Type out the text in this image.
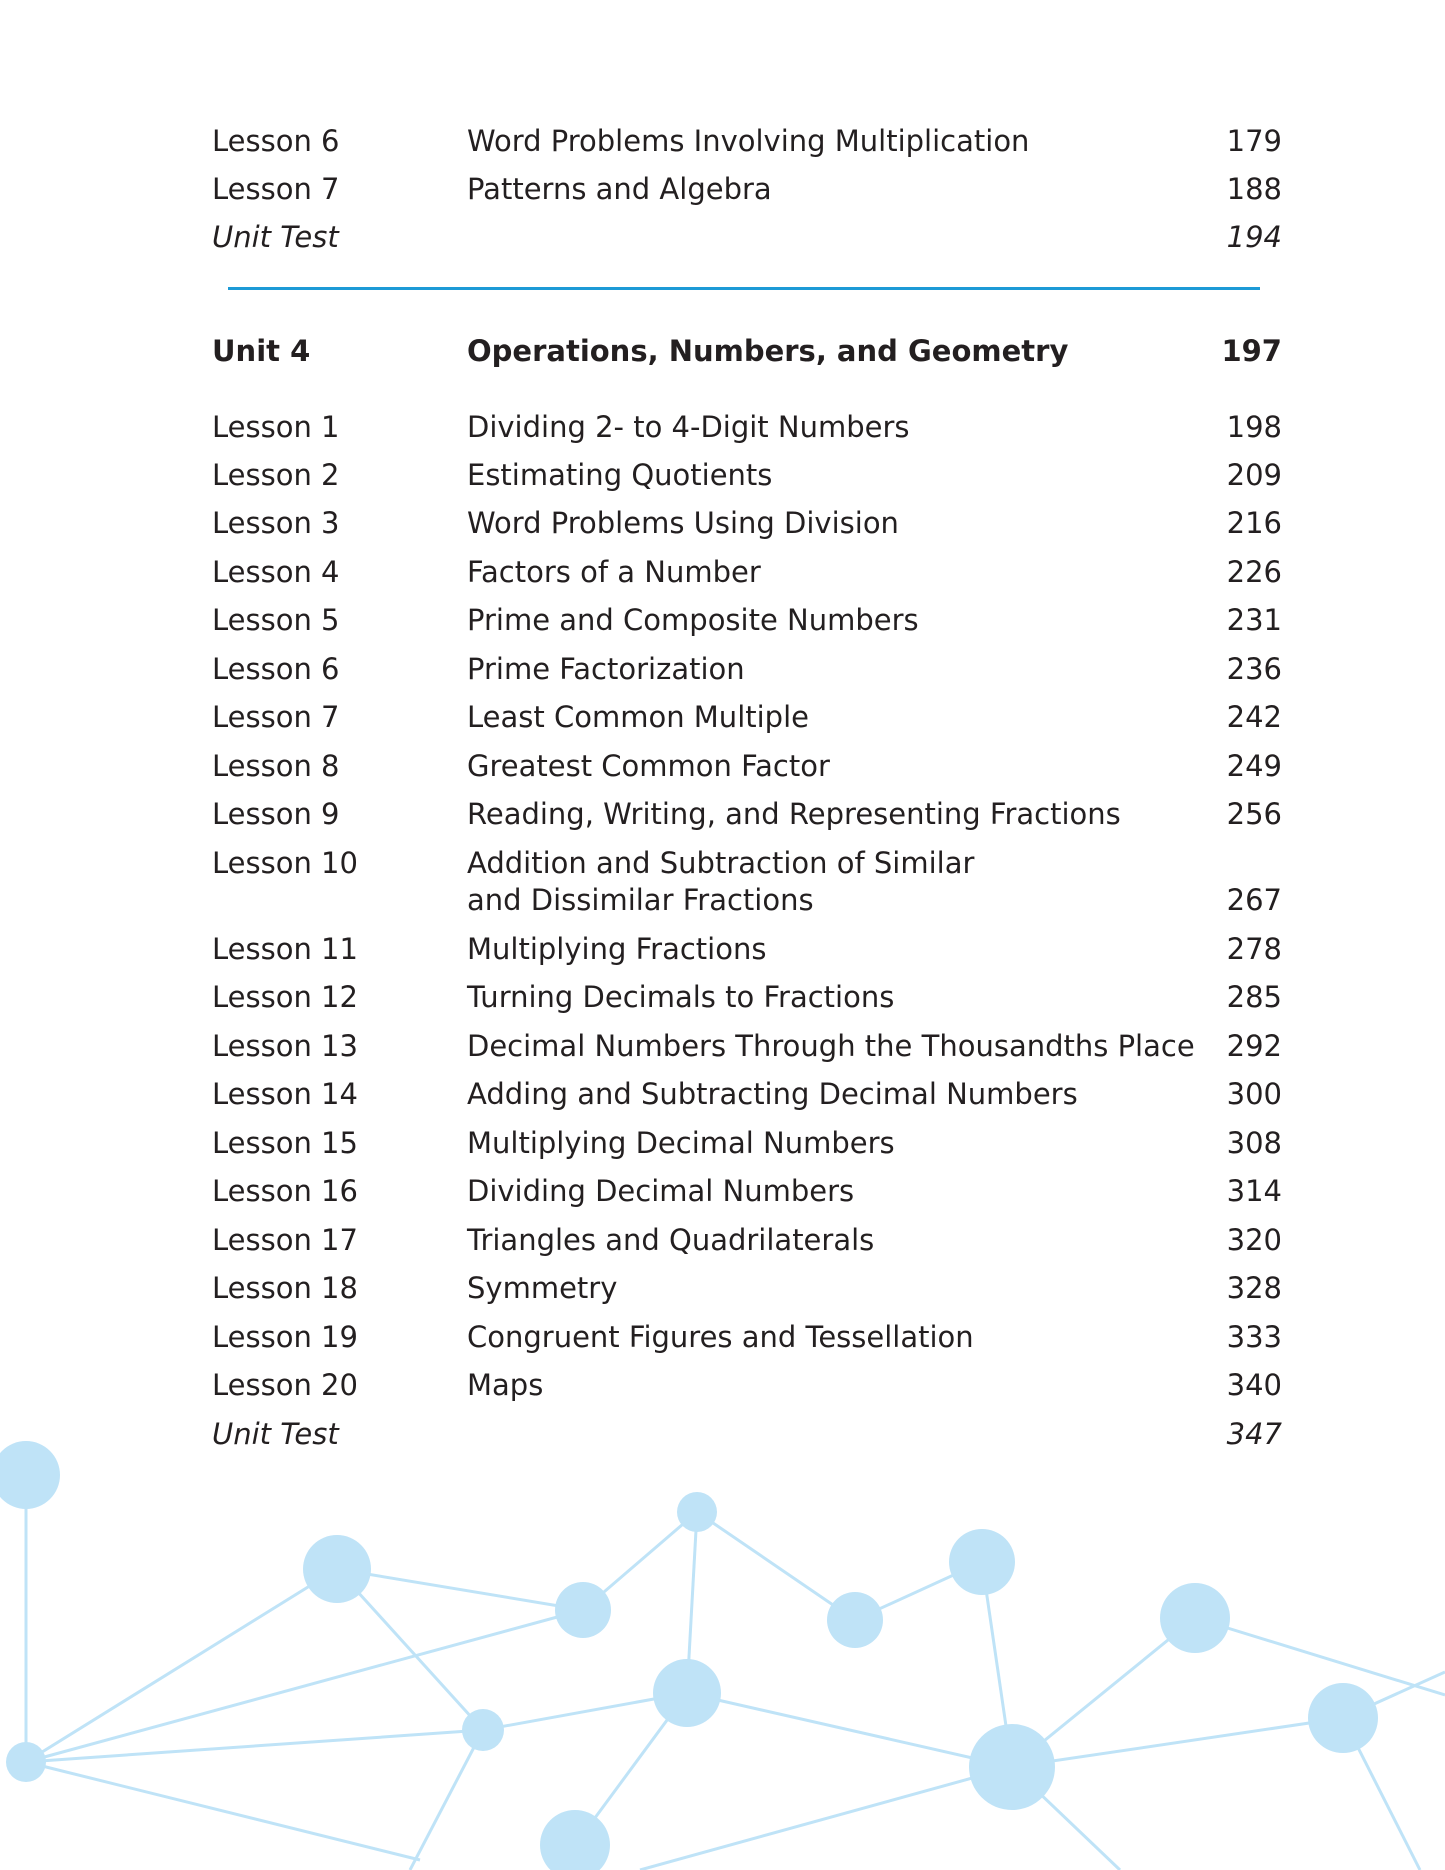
Lesson 6	Word Problems Involving Multiplication	179
Lesson 7	Patterns and Algebra	188
Unit Test	194
Unit 4	Operations, Numbers, and Geometry	197
Lesson 1	Dividing 2- to 4-Digit Numbers	198
Lesson 2	Estimating Quotients	209
Lesson 3	Word Problems Using Division	216
Lesson 4	Factors of a Number	226
Lesson 5	Prime and Composite Numbers	231
Lesson 6	Prime Factorization	236
Lesson 7	Least Common Multiple	242
Lesson 8	Greatest Common Factor	249
Lesson 9	Reading, Writing, and Representing Fractions	256
Lesson 10	Addition and Subtraction of Similar
and Dissimilar Fractions	267
Lesson 11	Multiplying Fractions	278
Lesson 12	Turning Decimals to Fractions	285
Lesson 13	Decimal Numbers Through the Thousandths Place 292
Lesson 14	Adding and Subtracting Decimal Numbers	300
Lesson 15	Multiplying Decimal Numbers	308
Lesson 16	Dividing Decimal Numbers	314
Lesson 17	Triangles and Quadrilaterals	320
Lesson 18	Symmetry	328
Lesson 19	Congruent Figures and Tessellation	333
Lesson 20	Maps	340
Unit Test	347
